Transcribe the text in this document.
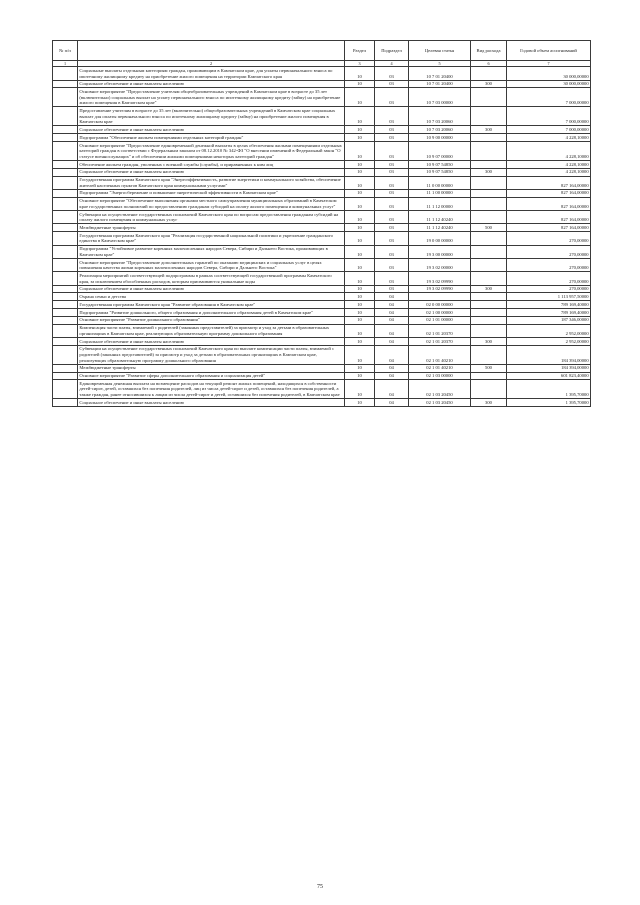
№ п/п		Раздел	Подраздел	Целевая статья	Вид расхода	Годовой объем ассигнований
1	2	3	4	5	6	7
	Социальные выплаты отдельным категориям граждан, проживающим в Камчатском крае, для уплаты первоначального взноса по ипотечному жилищному кредиту на приобретение жилого помещения на территории Камчатского края	10	03	10 7 01 20400		30 000,00000
	Социальное обеспечение и иные выплаты населению	10	03	10 7 01 20400	300	30 000,00000
	Основное мероприятие "Предоставление учителям общеобразовательных учреждений в Камчатском крае в возрасте до 35 лет (включительно) социальных выплат на уплату первоначального взноса по ипотечному жилищному кредиту (займу) на приобретение жилого помещения в Камчатском крае"	10	03	10 7 03 00000		7 000,00000
	Предоставление учителям в возрасте до 35 лет (включительно) общеобразовательных учреждений в Камчатском крае социальных выплат для оплаты первоначального взноса по ипотечному жилищному кредиту (займу) на приобретение жилого помещения в Камчатском крае	10	03	10 7 03 20060		7 000,00000
	Социальное обеспечение и иные выплаты населению	10	03	10 7 03 20060	300	7 000,00000
	Подпрограмма "Обеспечение жильем помещениями отдельных категорий граждан"	10	03	10 9 00 00000		4 228,10000
	Основное мероприятие "Предоставление единовременной денежной выплаты в целях обеспечения жилыми помещениями отдельных категорий граждан в соответствии с Федеральным законом от 08.12.2010 № 342-ФЗ "О внесении изменений в Федеральный закон "О статусе военнослужащих" и об обеспечении жилыми помещениями некоторых категорий граждан"	10	03	10 9 07 00000		4 228,10000
	Обеспечение жильем граждан, уволенных с военной службы (службы), и приравненных к ним лиц	10	03	10 9 07 54850		4 228,10000
	Социальное обеспечение и иные выплаты населению	10	03	10 9 07 54850	300	4 228,10000
	Государственная программа Камчатского края "Энергоэффективность, развитие энергетики и коммунального хозяйства, обеспечение жителей населенных пунктов Камчатского края коммунальными услугами"	10	03	11 0 00 00000		827 164,00000
	Подпрограмма "Энергосбережение и повышение энергетической эффективности в Камчатском крае"	10	03	11 1 00 00000		827 164,00000
	Основное мероприятие "Обеспечение выполнения органами местного самоуправления муниципальных образований в Камчатском крае государственных полномочий по предоставлению гражданам субсидий на оплату жилого помещения и коммунальных услуг"	10	03	11 1 12 00000		827 164,00000
	Субвенции на осуществление государственных полномочий Камчатского края по вопросам предоставления гражданам субсидий на оплату жилого помещения и коммунальных услуг	10	03	11 1 12 40240		827 164,00000
	Межбюджетные трансферты	10	03	11 1 12 40240	500	827 164,00000
	Государственная программа Камчатского края "Реализация государственной национальной политики и укрепление гражданского единства в Камчатском крае"	10	03	19 0 00 00000		270,00000
	Подпрограмма "Устойчивое развитие коренных малочисленных народов Севера, Сибири и Дальнего Востока, проживающих в Камчатском крае"	10	03	19 3 00 00000		270,00000
	Основное мероприятие "Предоставление дополнительных гарантий по оказанию медицинских и социальных услуг в целях повышения качества жизни коренных малочисленных народов Севера, Сибири и Дальнего Востока"	10	03	19 3 02 00000		270,00000
	Реализация мероприятий соответствующей подпрограммы в рамках соответствующей государственной программы Камчатского края, за исключением обособленных расходов, которым присваиваются уникальные коды	10	03	19 3 02 09990		270,00000
	Социальное обеспечение и иные выплаты населению	10	03	19 3 02 09990	300	270,00000
	Охрана семьи и детства	10	04			1 113 957,50000
	Государственная программа Камчатского края "Развитие образования в Камчатском крае"	10	04	02 0 00 00000		789 169,40000
	Подпрограмма "Развитие дошкольного, общего образования и дополнительного образования детей в Камчатском крае"	10	04	02 1 00 00000		789 169,40000
	Основное мероприятие "Развитие дошкольного образования"	10	04	02 1 01 00000		187 346,00000
	Компенсация части платы, взимаемой с родителей (законных представителей) за присмотр и уход за детьми в образовательных организациях в Камчатском крае, реализующих образовательную программу дошкольного образования	10	04	02 1 01 20370		2 952,00000
	Социальное обеспечение и иные выплаты населению	10	04	02 1 01 20370	300	2 952,00000
	Субвенции на осуществление государственных полномочий Камчатского края по выплате компенсации части платы, взимаемой с родителей (законных представителей) за присмотр и уход за детьми в образовательных организациях в Камчатском крае, реализующих образовательную программу дошкольного образования	10	04	02 1 01 40210		184 394,00000
	Межбюджетные трансферты	10	04	02 1 01 40210	500	184 394,00000
	Основное мероприятие "Развитие сферы дополнительного образования и социализация детей"	10	04	02 1 03 00000		601 823,40000
	Единовременная денежная выплата на возмещение расходов на текущий ремонт жилых помещений, находящихся в собственности детей-сирот, детей, оставшихся без попечения родителей, лиц из числа детей-сирот и детей, оставшихся без попечения родителей, а также граждан, ранее относившихся к лицам из числа детей-сирот и детей, оставшихся без попечения родителей, в Камчатском крае	10	04	02 1 03 20450		1 395,70000
	Социальное обеспечение и иные выплаты населению	10	04	02 1 03 20450	300	1 395,70000
75
